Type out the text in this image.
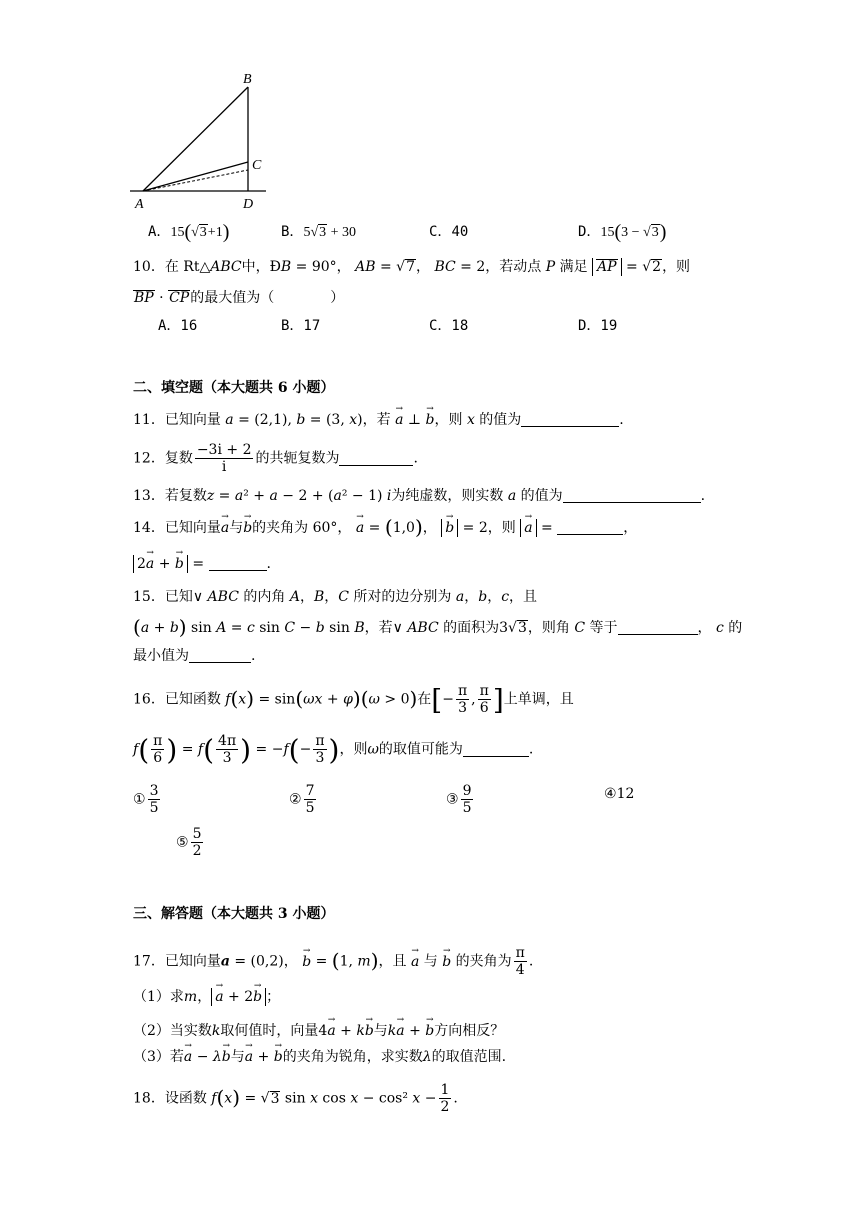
B
C
A	D
A．15(√3+1)	B．5√3 + 30	C．40	D．15(3 − √3)
10．在 Rt△ABC中，ÐB = 90°， AB = √7， BC = 2，若动点 P 满足 AP = √2，则
BP · CP的最大值为（　　　　）
A．16	B．17	C．18	D．19
二、填空题（本大题共 6 小题）
11．已知向量 a = (2,1), b = (3, x)，若 → a ⊥ → b，则 x 的值为	.
12．复数 $\frac{-3i + 2}{i}$ 的共轭复数为	.
13．若复数z = a² + a − 2 + (a² − 1) i为纯虚数，则实数 a 的值为	.
14．已知向量→ a与→ b的夹角为 60°， → a = (1,0)， → b = 2，则 → a =	，
2→ a + → b =	.
15．已知∨ ABC 的内角 A，B，C 所对的边分别为 a，b，c，且
(a + b) sin A = c sin C − b sin B，若∨ ABC 的面积为3√3，则角 C 等于	， c 的
最小值为	.
16．已知函数 f(x) = sin(ωx + φ)(ω > 0)在[− $\frac{\pi}{3}$ , $\frac{\pi}{6}$ ]上单调，且
$f( \frac{\pi}{6}$ ) = $f( \frac{4\pi}{3}$ ) = $-f(- \frac{\pi}{3}$ )，则ω的取值可能为	.
① $\frac{3}{5}$	② $\frac{7}{5}$	③ $\frac{9}{5}$	④12
⑤ $\frac{5}{2}$
三、解答题（本大题共 3 小题）
17．已知向量a = (0,2)， → b = (1, m)，且 → a 与 → b 的夹角为 $\frac{\pi}{4}$ .
（1）求m， → a + 2→ b ；
（2）当实数k取何值时，向量4→ a + k→ b与k→ a + → b方向相反？
（3）若→ a − λ→ b与→ a + → b的夹角为锐角，求实数λ的取值范围.
18．设函数 f(x) = √3 sin x cos x − cos² $x - \frac{1}{2}$ .
